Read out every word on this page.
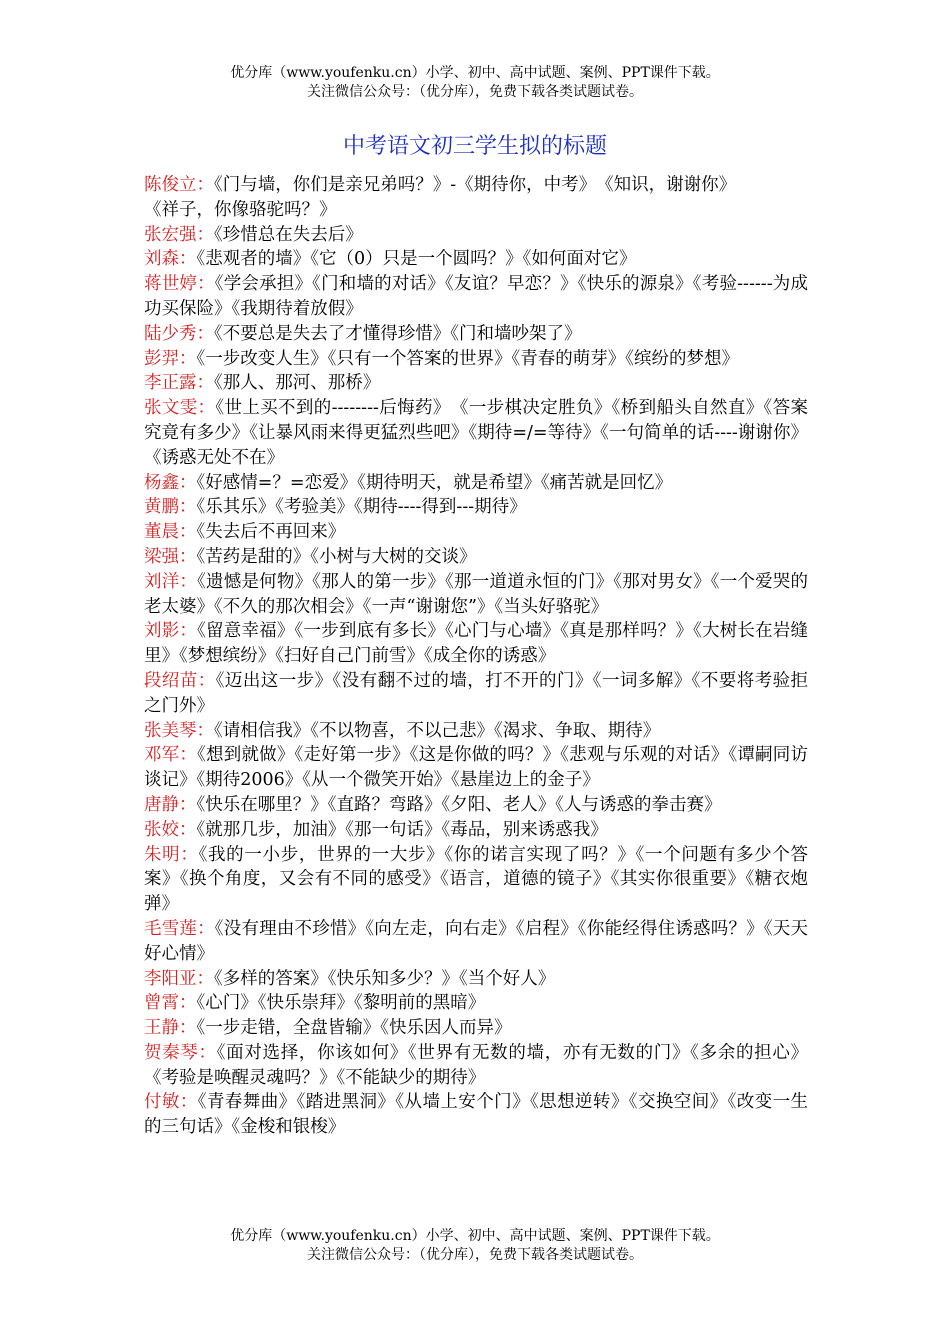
优分库（www.youfenku.cn）小学、初中、高中试题、案例、PPT课件下载。
关注微信公众号：（优分库），免费下载各类试题试卷。
中考语文初三学生拟的标题

陈俊立：《门与墙，你们是亲兄弟吗？》-《期待你，中考》　《知识，谢谢你》

《祥子，你像骆驼吗？》

张宏强：《珍惜总在失去后》

刘森：《悲观者的墙》《它（0）只是一个圆吗？》《如何面对它》

蒋世婷：《学会承担》《门和墙的对话》《友谊？早恋？》《快乐的源泉》《考验------为成功买保险》《我期待着放假》

陆少秀：《不要总是失去了才懂得珍惜》《门和墙吵架了》

彭羿：《一步改变人生》《只有一个答案的世界》《青春的萌芽》《缤纷的梦想》

李正露：《那人、那河、那桥》

张文雯：《世上买不到的--------后悔药》　《一步棋决定胜负》《桥到船头自然直》《答案究竟有多少》《让暴风雨来得更猛烈些吧》《期待=/=等待》《一句简单的话----谢谢你》《诱惑无处不在》

杨鑫：《好感情=？=恋爱》《期待明天，就是希望》《痛苦就是回忆》

黄鹏：《乐其乐》《考验美》《期待----得到---期待》

董晨：《失去后不再回来》

梁强：《苦药是甜的》《小树与大树的交谈》

刘洋：《遗憾是何物》《那人的第一步》《那一道道永恒的门》《那对男女》《一个爱哭的老太婆》《不久的那次相会》《一声“谢谢您”》《当头好骆驼》

刘影：《留意幸福》《一步到底有多长》《心门与心墙》《真是那样吗？》《大树长在岩缝里》《梦想缤纷》《扫好自己门前雪》《成全你的诱惑》

段绍苗：《迈出这一步》《没有翻不过的墙，打不开的门》《一词多解》《不要将考验拒之门外》

张美琴：《请相信我》《不以物喜，不以己悲》《渴求、争取、期待》

邓军：《想到就做》《走好第一步》《这是你做的吗？》《悲观与乐观的对话》《谭嗣同访谈记》《期待2006》《从一个微笑开始》《悬崖边上的金子》

唐静：《快乐在哪里？》《直路？弯路》《夕阳、老人》《人与诱惑的拳击赛》

张姣：《就那几步，加油》《那一句话》《毒品，别来诱惑我》

朱明：《我的一小步，世界的一大步》《你的诺言实现了吗？》《一个问题有多少个答案》《换个角度，又会有不同的感受》《语言，道德的镜子》《其实你很重要》《糖衣炮弹》

毛雪莲：《没有理由不珍惜》《向左走，向右走》《启程》《你能经得住诱惑吗？》《天天好心情》

李阳亚：《多样的答案》《快乐知多少？》《当个好人》

曾霄：《心门》《快乐崇拜》《黎明前的黑暗》

王静：《一步走错，全盘皆输》《快乐因人而异》

贺秦琴：《面对选择，你该如何》《世界有无数的墙，亦有无数的门》《多余的担心》《考验是唤醒灵魂吗？》《不能缺少的期待》

付敏：《青春舞曲》《踏进黑洞》《从墙上安个门》《思想逆转》《交换空间》《改变一生的三句话》《金梭和银梭》

优分库（www.youfenku.cn）小学、初中、高中试题、案例、PPT课件下载。
关注微信公众号：（优分库），免费下载各类试题试卷。
